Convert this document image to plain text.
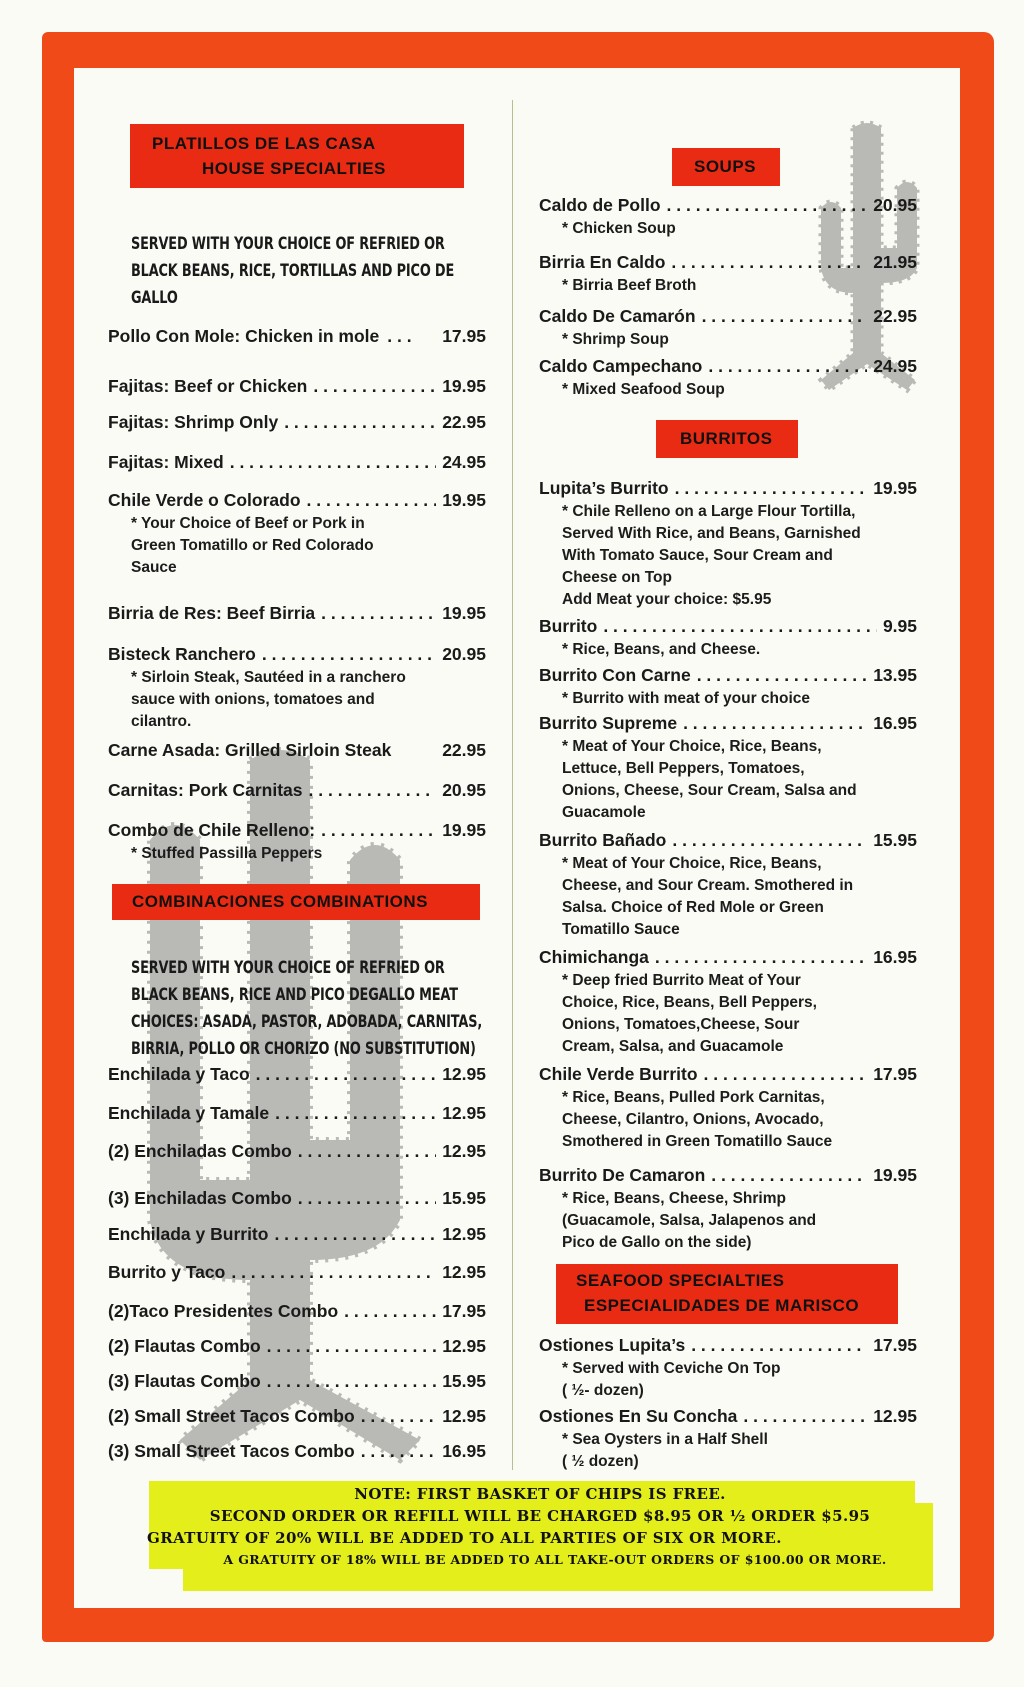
PLATILLOS DE LAS CASA
HOUSE SPECIALTIES
SERVED WITH YOUR CHOICE OF REFRIED OR
BLACK BEANS, RICE, TORTILLAS AND PICO DE
GALLO
Pollo Con Mole: Chicken in mole . . .	17.95
Fajitas: Beef or Chicken . . .	19.95
Fajitas: Shrimp Only . . .	22.95
Fajitas: Mixed . . .	24.95
Chile Verde o Colorado . . .	19.95
* Your Choice of Beef or Pork in Green Tomatillo or Red Colorado Sauce
Birria de Res: Beef Birria . . .	19.95
Bisteck Ranchero . . .	20.95
* Sirloin Steak, Sautéed in a ranchero sauce with onions, tomatoes and cilantro.
Carne Asada: Grilled Sirloin Steak	22.95
Carnitas: Pork Carnitas . . .	20.95
Combo de Chile Relleno: . . .	19.95
* Stuffed Passilla Peppers
COMBINACIONES COMBINATIONS
SERVED WITH YOUR CHOICE OF REFRIED OR
BLACK BEANS, RICE AND PICO DEGALLO MEAT
CHOICES: ASADA, PASTOR, ADOBADA, CARNITAS,
BIRRIA, POLLO OR CHORIZO (NO SUBSTITUTION)
Enchilada y Taco . . .	12.95
Enchilada y Tamale . . .	12.95
(2) Enchiladas Combo . . .	12.95
(3) Enchiladas Combo . . .	15.95
Enchilada y Burrito . . .	12.95
Burrito y Taco . . .	12.95
(2)Taco Presidentes Combo . . .	17.95
(2) Flautas Combo . . .	12.95
(3) Flautas Combo . . .	15.95
(2) Small Street Tacos Combo . . .	12.95
(3) Small Street Tacos Combo . . .	16.95
SOUPS
Caldo de Pollo . . .	20.95
* Chicken Soup
Birria En Caldo . . .	21.95
* Birria Beef Broth
Caldo De Camarón . . .	22.95
* Shrimp Soup
Caldo Campechano . . .	24.95
* Mixed Seafood Soup
BURRITOS
Lupita’s Burrito . . .	19.95
* Chile Relleno on a Large Flour Tortilla, Served With Rice, and Beans, Garnished With Tomato Sauce, Sour Cream and Cheese on Top
Add Meat your choice: $5.95
Burrito . . .	9.95
* Rice, Beans, and Cheese.
Burrito Con Carne . . .	13.95
* Burrito with meat of your choice
Burrito Supreme . . .	16.95
* Meat of Your Choice, Rice, Beans, Lettuce, Bell Peppers, Tomatoes, Onions, Cheese, Sour Cream, Salsa and Guacamole
Burrito Bañado . . .	15.95
* Meat of Your Choice, Rice, Beans, Cheese, and Sour Cream. Smothered in Salsa. Choice of Red Mole or Green Tomatillo Sauce
Chimichanga . . .	16.95
* Deep fried Burrito Meat of Your Choice, Rice, Beans, Bell Peppers, Onions, Tomatoes,Cheese, Sour Cream, Salsa, and Guacamole
Chile Verde Burrito . . .	17.95
* Rice, Beans, Pulled Pork Carnitas, Cheese, Cilantro, Onions, Avocado, Smothered in Green Tomatillo Sauce
Burrito De Camaron . . .	19.95
* Rice, Beans, Cheese, Shrimp (Guacamole, Salsa, Jalapenos and Pico de Gallo on the side)
SEAFOOD SPECIALTIES
ESPECIALIDADES DE MARISCO
Ostiones Lupita’s . . .	17.95
* Served with Ceviche On Top
( ½- dozen)
Ostiones En Su Concha . . .	12.95
* Sea Oysters in a Half Shell
( ½ dozen)
NOTE: FIRST BASKET OF CHIPS IS FREE.
SECOND ORDER OR REFILL WILL BE CHARGED $8.95 OR ½ ORDER $5.95
GRATUITY OF 20% WILL BE ADDED TO ALL PARTIES OF SIX OR MORE.
A GRATUITY OF 18% WILL BE ADDED TO ALL TAKE-OUT ORDERS OF $100.00 OR MORE.
